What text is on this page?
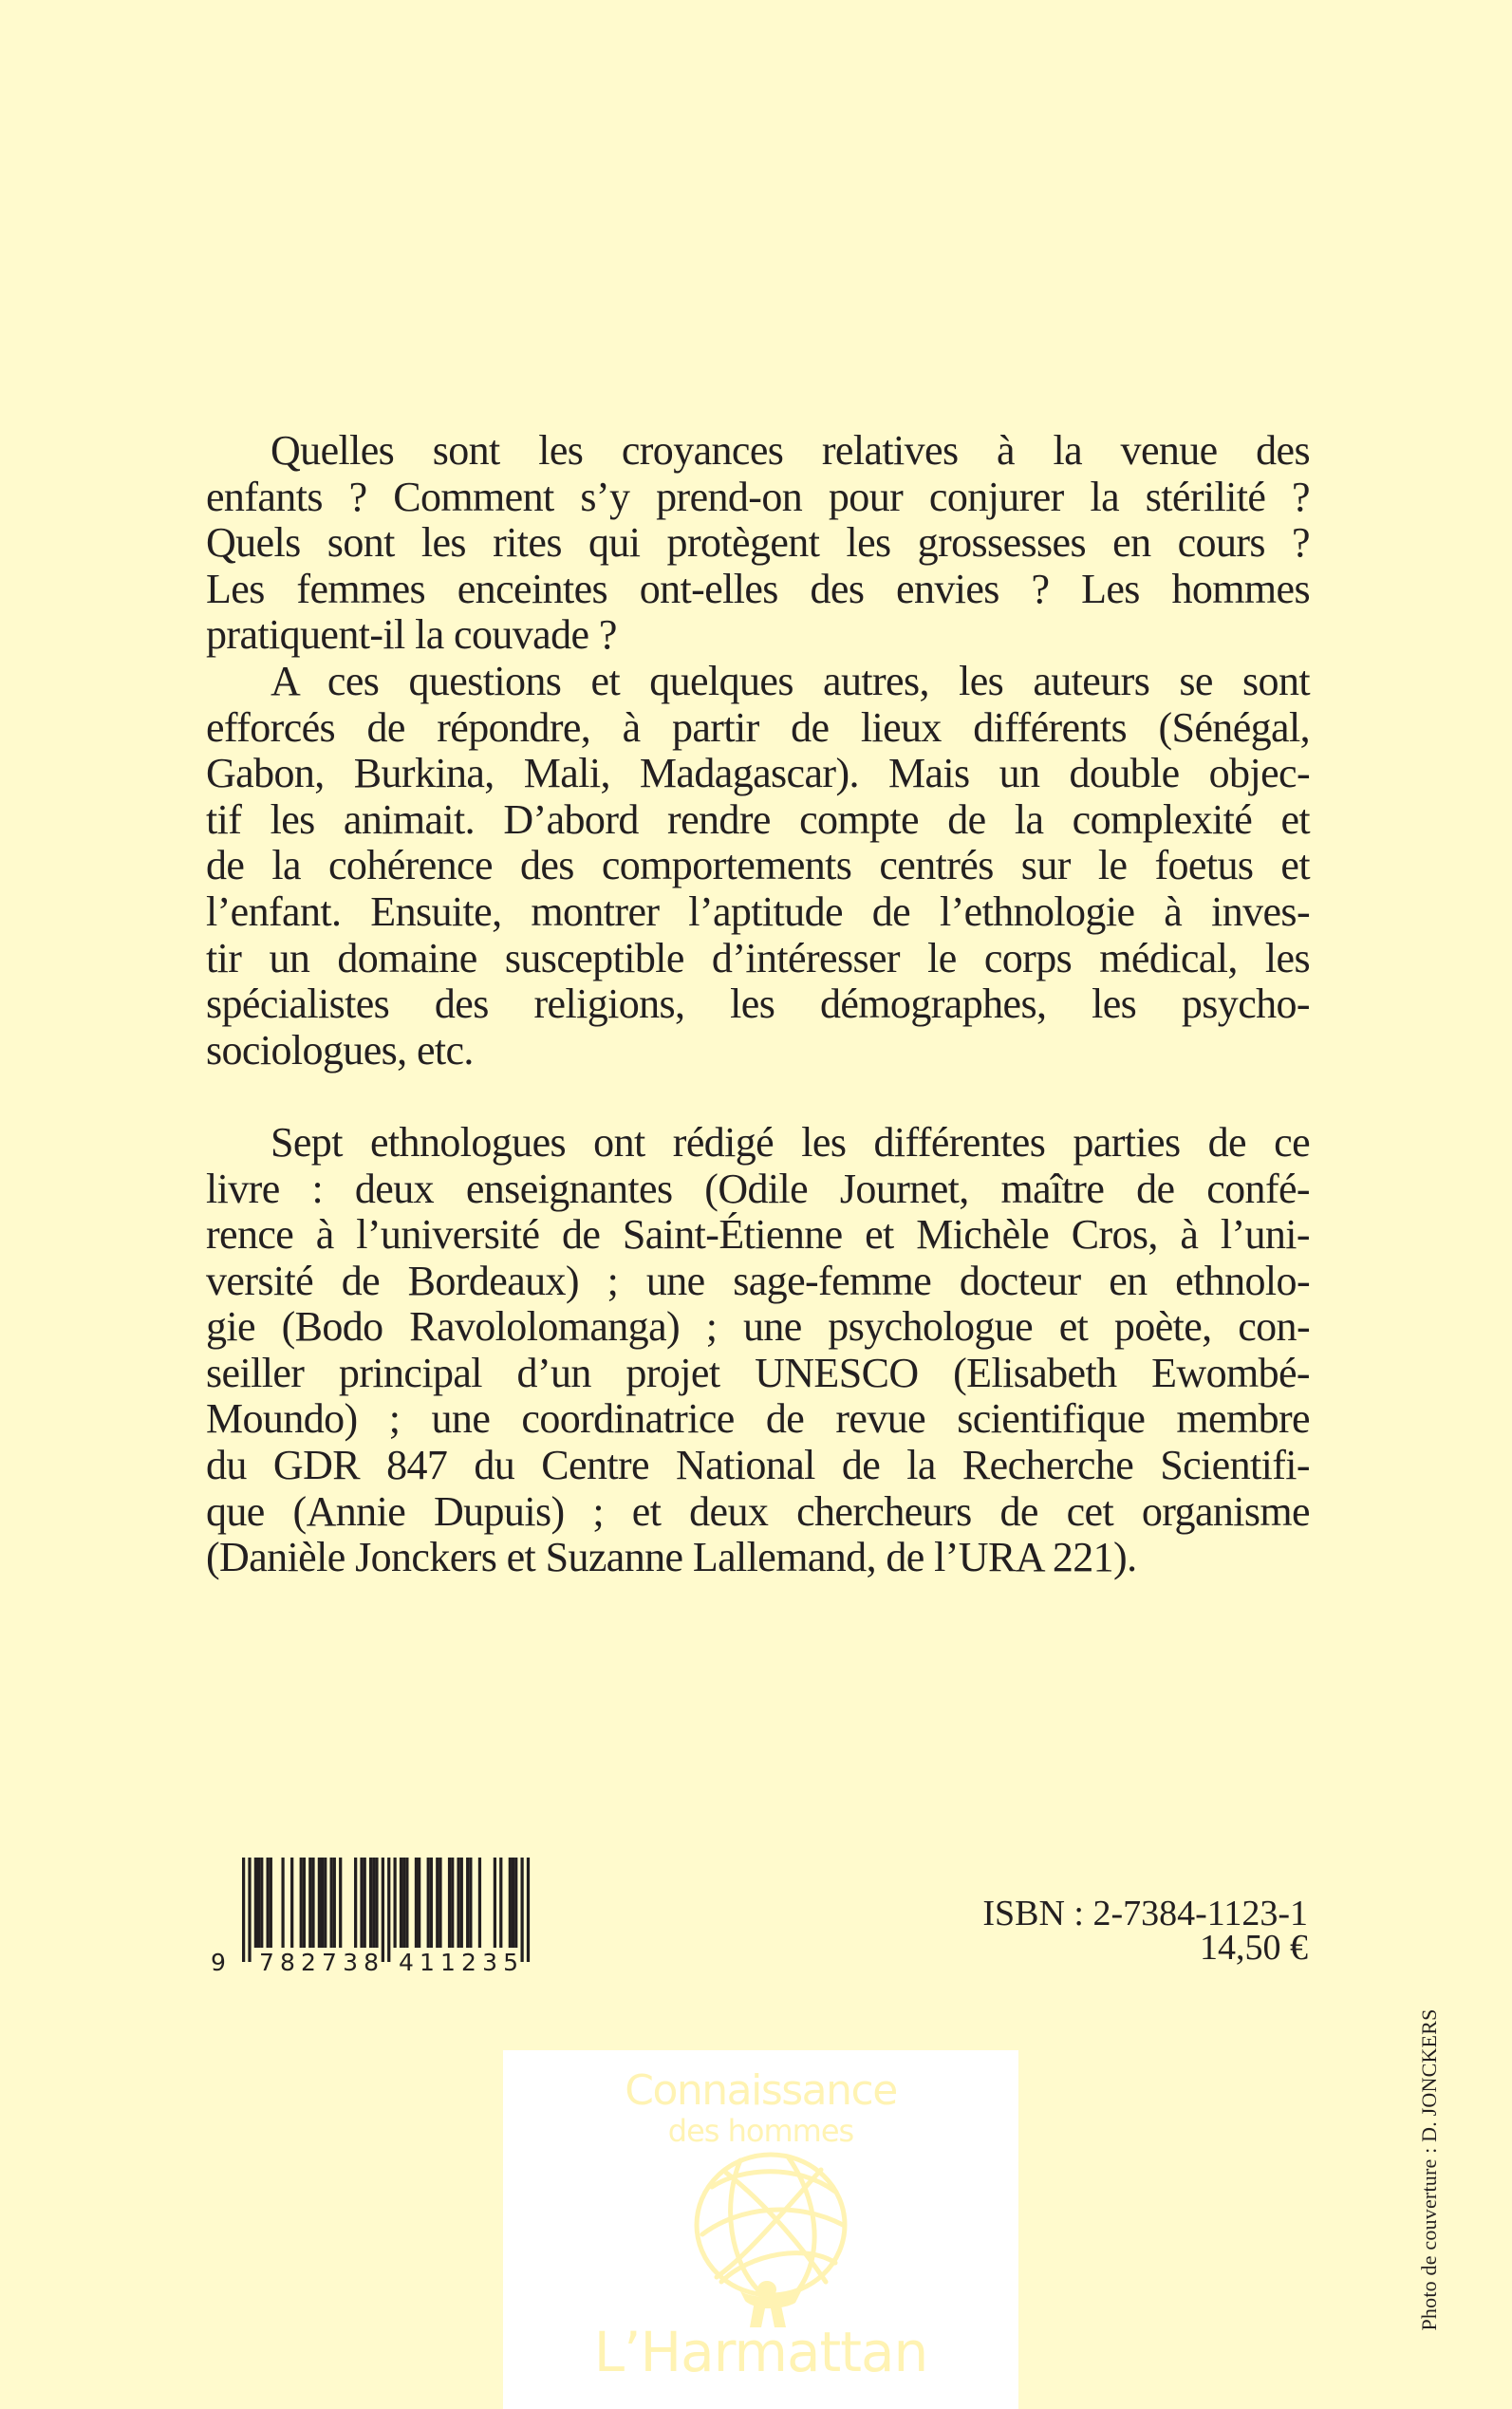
Quelles sont les croyances relatives à la venue des
enfants ? Comment s’y prend-on pour conjurer la stérilité ?
Quels sont les rites qui protègent les grossesses en cours ?
Les femmes enceintes ont-elles des envies ? Les hommes
pratiquent-il la couvade ?

A ces questions et quelques autres, les auteurs se sont
efforcés de répondre, à partir de lieux différents (Sénégal,
Gabon, Burkina, Mali, Madagascar). Mais un double objec-
tif les animait. D’abord rendre compte de la complexité et
de la cohérence des comportements centrés sur le foetus et
l’enfant. Ensuite, montrer l’aptitude de l’ethnologie à inves-
tir un domaine susceptible d’intéresser le corps médical, les
spécialistes des religions, les démographes, les psycho-
sociologues, etc.

Sept ethnologues ont rédigé les différentes parties de ce
livre : deux enseignantes (Odile Journet, maître de confé-
rence à l’université de Saint-Étienne et Michèle Cros, à l’uni-
versité de Bordeaux) ; une sage-femme docteur en ethnolo-
gie (Bodo Ravololomanga) ; une psychologue et poète, con-
seiller principal d’un projet UNESCO (Elisabeth Ewombé-
Moundo) ; une coordinatrice de revue scientifique membre
du GDR 847 du Centre National de la Recherche Scientifi-
que (Annie Dupuis) ; et deux chercheurs de cet organisme
(Danièle Jonckers et Suzanne Lallemand, de l’URA 221).

9 782738 411235
ISBN : 2-7384-1123-1
14,50 €
Connaissance
des hommes
L’Harmattan
Photo de couverture : D. JONCKERS
